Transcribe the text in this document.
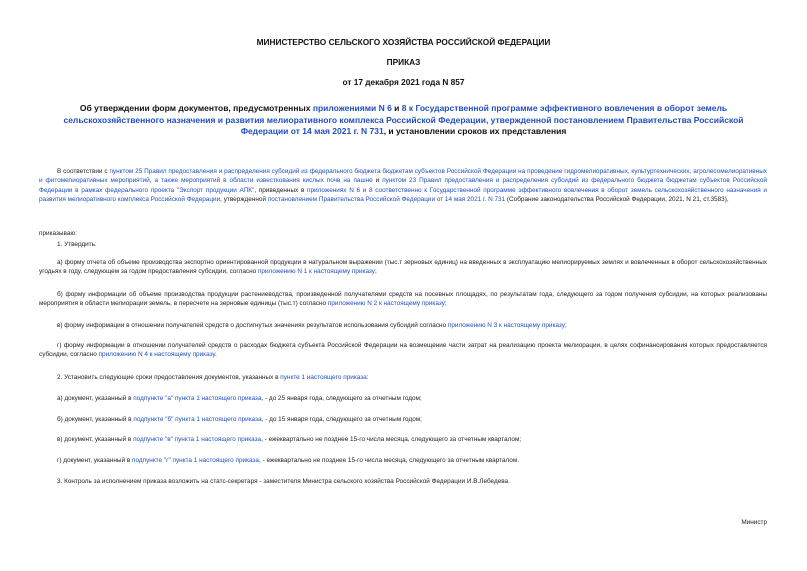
МИНИСТЕРСТВО СЕЛЬСКОГО ХОЗЯЙСТВА РОССИЙСКОЙ ФЕДЕРАЦИИ
ПРИКАЗ
от 17 декабря 2021 года N 857
Об утверждении форм документов, предусмотренных приложениями N 6 и 8 к Государственной программе эффективного вовлечения в оборот земель сельскохозяйственного назначения и развития мелиоративного комплекса Российской Федерации, утвержденной постановлением Правительства Российской Федерации от 14 мая 2021 г. N 731, и установлении сроков их представления
В соответствии с пунктом 25 Правил предоставления и распределения субсидий из федерального бюджета бюджетам субъектов Российской Федерации на проведение гидромелиоративных, культуртехнических, агролесомелиоративных и фитомелиоративных мероприятий, а также мероприятий в области известкования кислых почв на пашне и пунктом 23 Правил предоставления и распределения субсидий из федерального бюджета бюджетам субъектов Российской Федерации в рамках федерального проекта "Экспорт продукции АПК", приведенных в приложениях N 6 и 8 соответственно к Государственной программе эффективного вовлечения в оборот земель сельскохозяйственного назначения и развития мелиоративного комплекса Российской Федерации, утвержденной постановлением Правительства Российской Федерации от 14 мая 2021 г. N 731 (Собрание законодательства Российской Федерации, 2021, N 21, ст.3583),
приказываю:
1. Утвердить:
а) форму отчета об объеме производства экспортно ориентированной продукции в натуральном выражении (тыс.т зерновых единиц) на введенных в эксплуатацию мелиорируемых землях и вовлеченных в оборот сельскохозяйственных угодьях в году, следующем за годом предоставления субсидии, согласно приложению N 1 к настоящему приказу;
б) форму информации об объеме производства продукции растениеводства, произведенной получателями средств на посевных площадях, по результатам года, следующего за годом получения субсидии, на которых реализованы мероприятия в области мелиорации земель, в пересчете на зерновые единицы (тыс.т) согласно приложению N 2 к настоящему приказу;
в) форму информации в отношении получателей средств о достигнутых значениях результатов использования субсидий согласно приложению N 3 к настоящему приказу;
г) форму информации в отношении получателей средств о расходах бюджета субъекта Российской Федерации на возмещение части затрат на реализацию проекта мелиорации, в целях софинансирования которых предоставляется субсидии, согласно приложению N 4 к настоящему приказу.
2. Установить следующие сроки предоставления документов, указанных в пункте 1 настоящего приказа:
а) документ, указанный в подпункте "а" пункта 1 настоящего приказа, - до 25 января года, следующего за отчетным годом;
б) документ, указанный в подпункте "б" пункта 1 настоящего приказа, - до 15 января года, следующего за отчетным годом;
в) документ, указанный в подпункте "в" пункта 1 настоящего приказа, - ежеквартально не позднее 15-го числа месяца, следующего за отчетным кварталом;
г) документ, указанный в подпункте "г" пункта 1 настоящего приказа, - ежеквартально не позднее 15-го числа месяца, следующего за отчетным кварталом.
3. Контроль за исполнением приказа возложить на статс-секретаря - заместителя Министра сельского хозяйства Российской Федерации И.В.Лебедева.
Министр
